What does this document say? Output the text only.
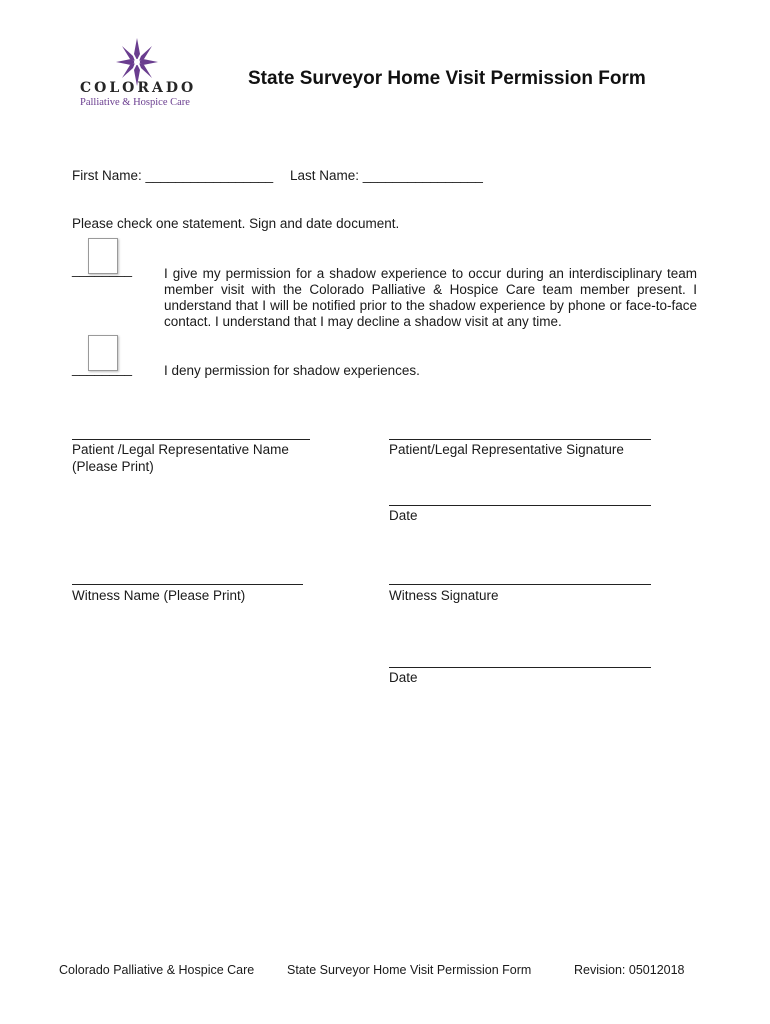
COLORADO
Palliative & Hospice Care
State Surveyor Home Visit Permission Form
First Name: _________________ Last Name: ________________
Please check one statement. Sign and date document.
________ I give my permission for a shadow experience to occur during an interdisciplinary team member visit with the Colorado Palliative & Hospice Care team member present. I understand that I will be notified prior to the shadow experience by phone or face-to-face contact. I understand that I may decline a shadow visit at any time.
________ I deny permission for shadow experiences.
Patient /Legal Representative Name
(Please Print)
Patient/Legal Representative Signature
Date
Witness Name (Please Print)	Witness Signature
Date
Colorado Palliative & Hospice Care	State Surveyor Home Visit Permission Form	Revision: 05012018
